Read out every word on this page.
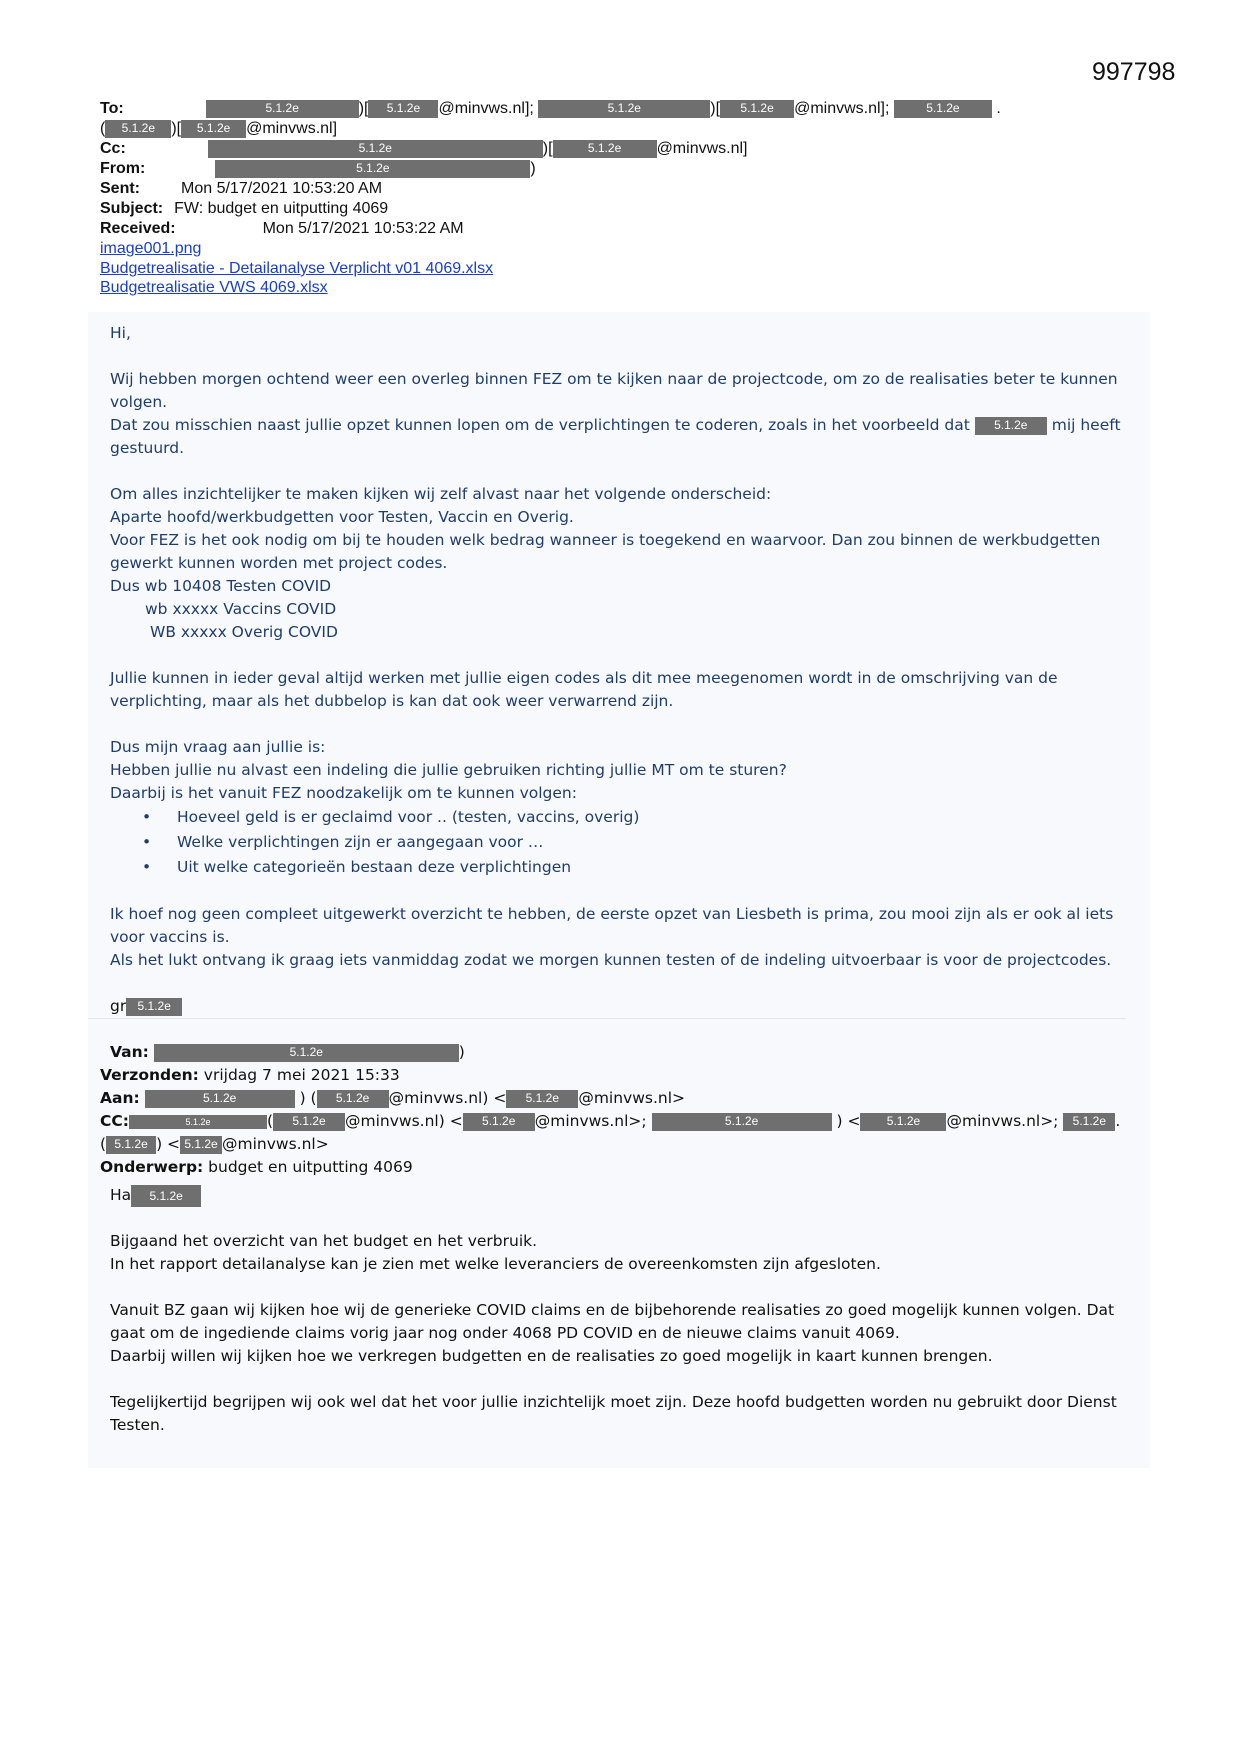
997798
To:	5.1.2e	)[ 5.1.2e @minvws.nl];	5.1.2e	)[ 5.1.2e @minvws.nl];	5.1.2e .
( 5.1.2e )[ 5.1.2e @minvws.nl]
Cc:	5.1.2e	)[	5.1.2e @minvws.nl]
From:	5.1.2e	)
Sent:	Mon 5/17/2021 10:53:20 AM
Subject: FW: budget en uitputting 4069
Received:	Mon 5/17/2021 10:53:22 AM
image001.png
Budgetrealisatie - Detailanalyse Verplicht v01 4069.xlsx
Budgetrealisatie VWS 4069.xlsx

Hi,

Wij hebben morgen ochtend weer een overleg binnen FEZ om te kijken naar de projectcode, om zo de realisaties beter te kunnen volgen.

Dat zou misschien naast jullie opzet kunnen lopen om de verplichtingen te coderen, zoals in het voorbeeld dat 5.1.2e mij heeft gestuurd.

Om alles inzichtelijker te maken kijken wij zelf alvast naar het volgende onderscheid:

Aparte hoofd/werkbudgetten voor Testen, Vaccin en Overig.

Voor FEZ is het ook nodig om bij te houden welk bedrag wanneer is toegekend en waarvoor. Dan zou binnen de werkbudgetten gewerkt kunnen worden met project codes.

Dus wb 10408 Testen COVID

wb xxxxx Vaccins COVID

WB xxxxx Overig COVID

Jullie kunnen in ieder geval altijd werken met jullie eigen codes als dit mee meegenomen wordt in de omschrijving van de verplichting, maar als het dubbelop is kan dat ook weer verwarrend zijn.

Dus mijn vraag aan jullie is:

Hebben jullie nu alvast een indeling die jullie gebruiken richting jullie MT om te sturen?

Daarbij is het vanuit FEZ noodzakelijk om te kunnen volgen:

• Hoeveel geld is er geclaimd voor .. (testen, vaccins, overig)
• Welke verplichtingen zijn er aangegaan voor …
• Uit welke categorieën bestaan deze verplichtingen

Ik hoef nog geen compleet uitgewerkt overzicht te hebben, de eerste opzet van Liesbeth is prima, zou mooi zijn als er ook al iets voor vaccins is.

Als het lukt ontvang ik graag iets vanmiddag zodat we morgen kunnen testen of de indeling uitvoerbaar is voor de projectcodes.

gr 5.1.2e
Van:	5.1.2e	)
Verzonden: vrijdag 7 mei 2021 15:33
Aan:	5.1.2e	) ( 5.1.2e @minvws.nl) < 5.1.2e @minvws.nl>
CC:	5.1.2e	( 5.1.2e @minvws.nl) < 5.1.2e @minvws.nl>;	5.1.2e	) < 5.1.2e @minvws.nl>; 5.1.2e .
( 5.1.2e ) < 5.1.2e @minvws.nl>
Onderwerp: budget en uitputting 4069

Ha 5.1.2e

Bijgaand het overzicht van het budget en het verbruik.

In het rapport detailanalyse kan je zien met welke leveranciers de overeenkomsten zijn afgesloten.

Vanuit BZ gaan wij kijken hoe wij de generieke COVID claims en de bijbehorende realisaties zo goed mogelijk kunnen volgen. Dat gaat om de ingediende claims vorig jaar nog onder 4068 PD COVID en de nieuwe claims vanuit 4069.

Daarbij willen wij kijken hoe we verkregen budgetten en de realisaties zo goed mogelijk in kaart kunnen brengen.

Tegelijkertijd begrijpen wij ook wel dat het voor jullie inzichtelijk moet zijn. Deze hoofd budgetten worden nu gebruikt door Dienst Testen.
